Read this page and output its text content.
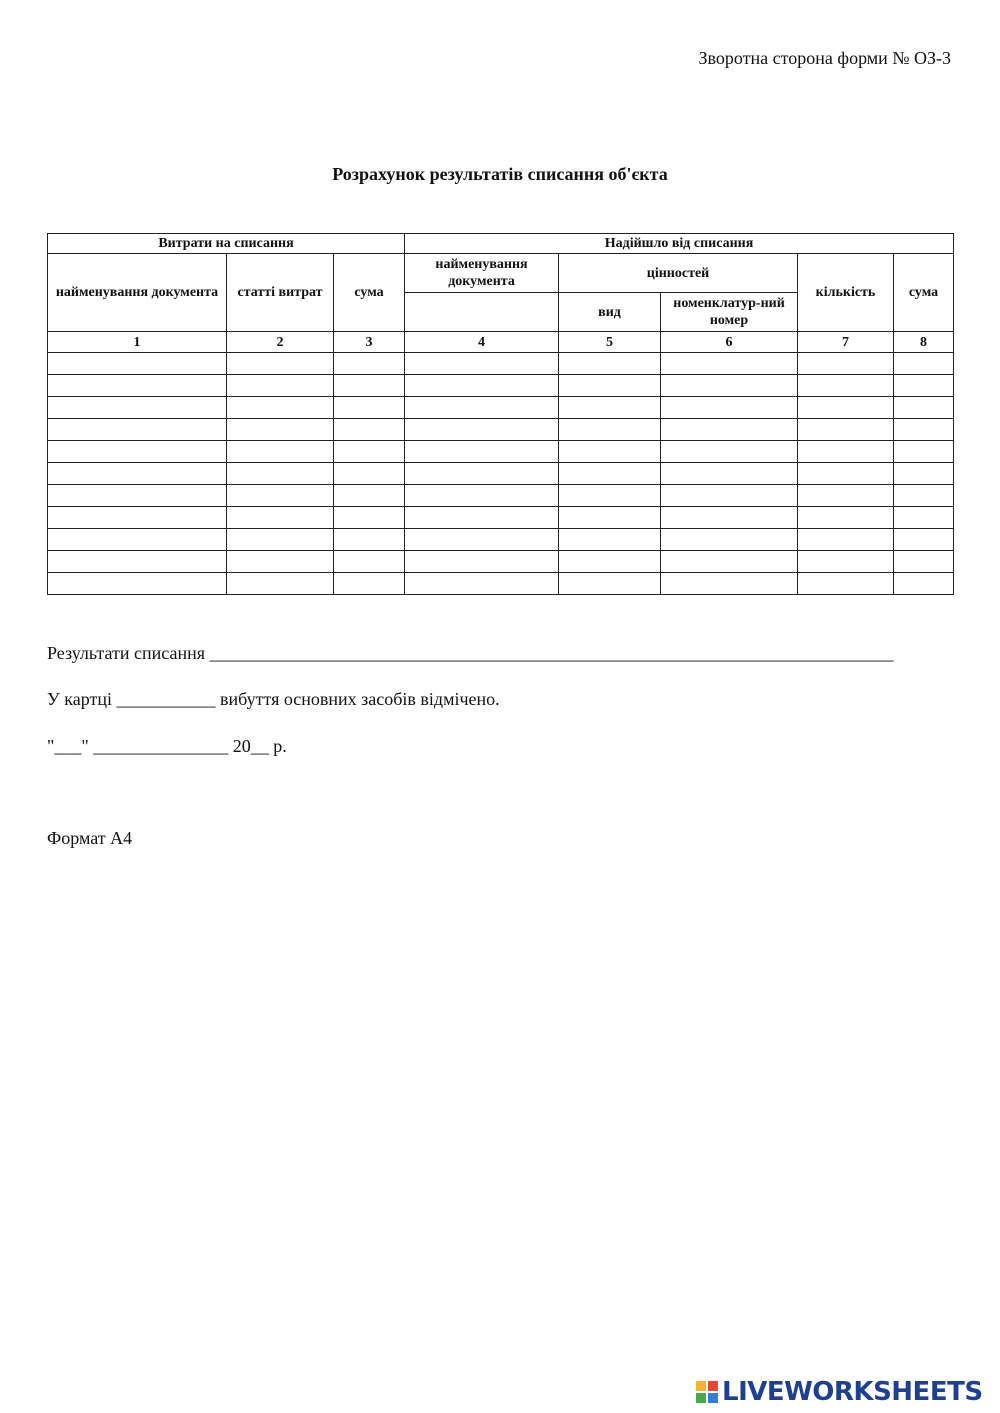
Зворотна сторона форми № ОЗ-3
Розрахунок результатів списання об'єкта
Витрати на списання			Надійшло від списання				
найменування документа	статті витрат	сума	найменування документа	цінностей		кількість	сума
				вид	номенклатур-ний номер		
1	2	3	4	5	6	7	8

Результати списання ____________________________________________________________________________
У картці ___________ вибуття основних засобів відмічено.
"___" _______________ 20__ р.
Формат А4
LIVEWORKSHEETS
